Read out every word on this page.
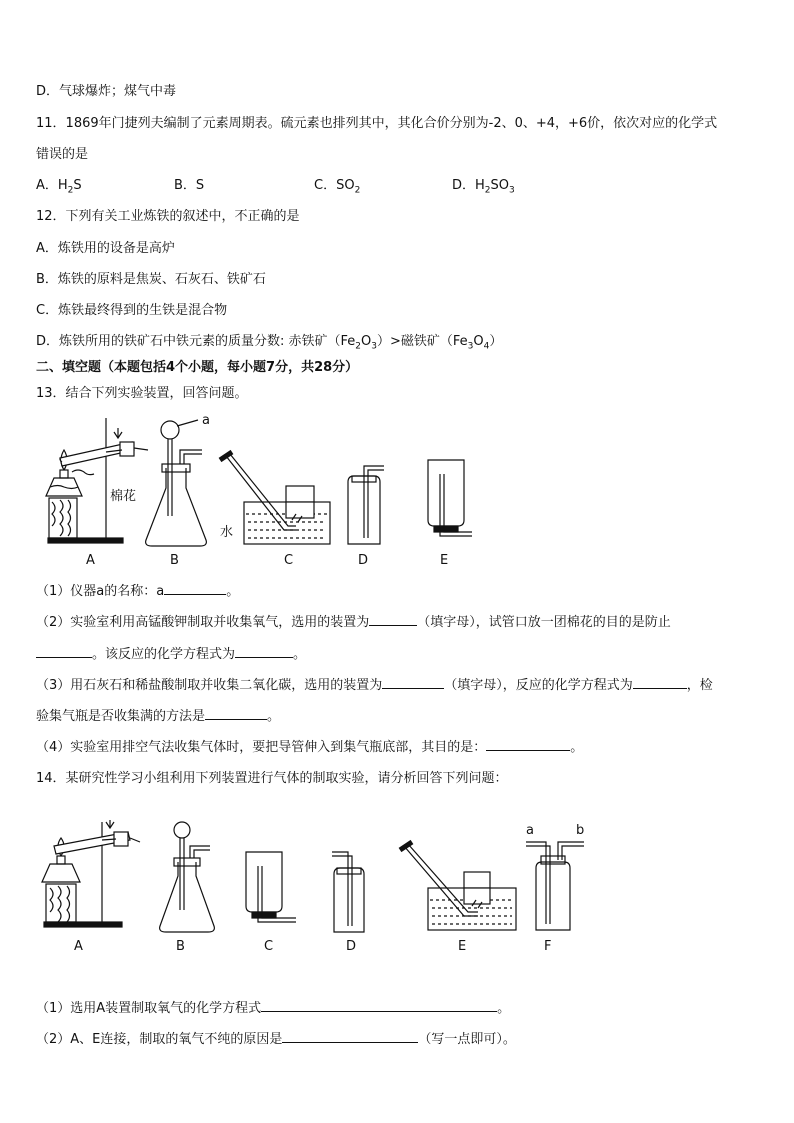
D．气球爆炸；煤气中毒
11．1869年门捷列夫编制了元素周期表。硫元素也排列其中，其化合价分别为-2、0、+4，+6价，依次对应的化学式
错误的是
A．$H_2S$	B．S	C．$SO_2$	D．$H_2SO_3$
12．下列有关工业炼铁的叙述中，不正确的是
A．炼铁用的设备是高炉
B．炼铁的原料是焦炭、石灰石、铁矿石
C．炼铁最终得到的生铁是混合物
D．炼铁所用的铁矿石中铁元素的质量分数: 赤铁矿$(Fe_2O_3)>$磁铁矿$(Fe_3O_4)$
二、填空题（本题包括4个小题，每小题7分，共28分）
13．结合下列实验装置，回答问题。
棉花
A
a
B
水
C	D	E
（1）仪器a的名称：a	。
（2）实验室利用高锰酸钾制取并收集氧气，选用的装置为	（填字母），试管口放一团棉花的目的是防止
。该反应的化学方程式为	。
（3）用石灰石和稀盐酸制取并收集二氧化碳，选用的装置为	（填字母），反应的化学方程式为	，检
验集气瓶是否收集满的方法是	。
（4）实验室用排空气法收集气体时，要把导管伸入到集气瓶底部，其目的是：	。
14．某研究性学习小组利用下列装置进行气体的制取实验，请分析回答下列问题：
A	B	C	D	E
a	b
F
（1）选用A装置制取氧气的化学方程式	。
（2）A、E连接，制取的氧气不纯的原因是	（写一点即可）。
